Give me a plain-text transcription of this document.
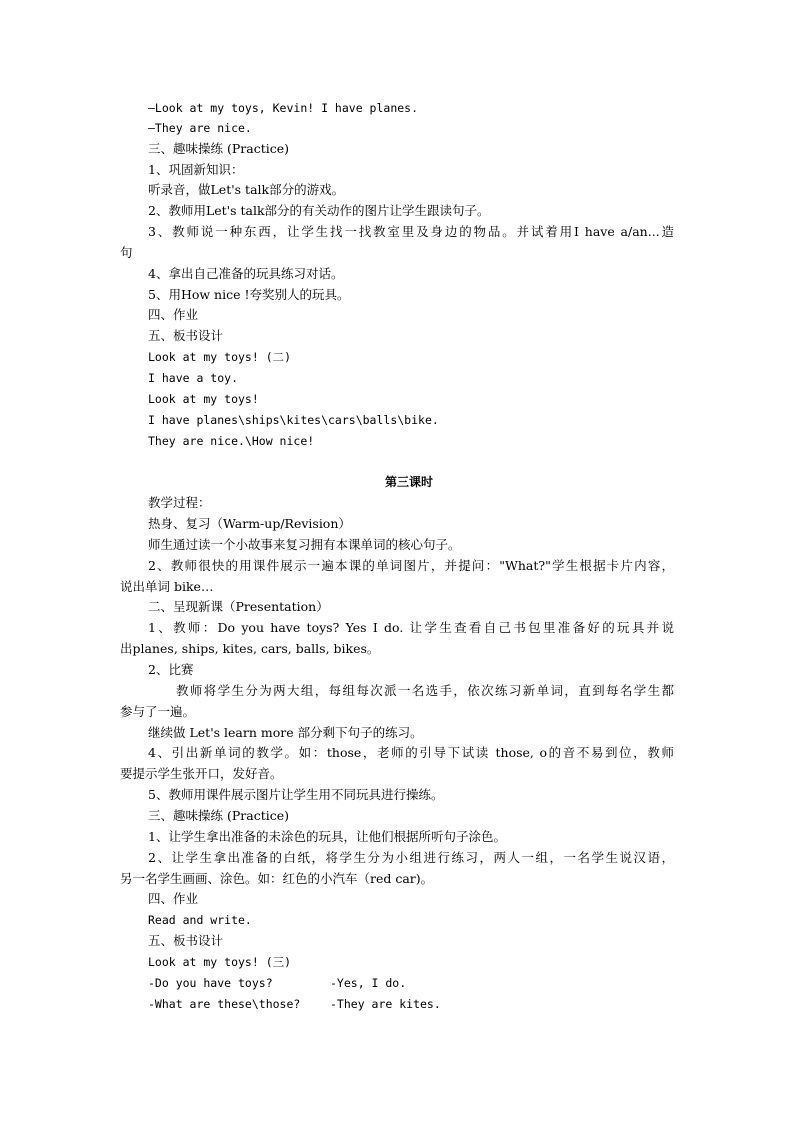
—Look at my toys, Kevin! I have planes.
—They are nice.
三、趣味操练 (Practice)
1、巩固新知识：
听录音，做Let's talk部分的游戏。
2、教师用Let's talk部分的有关动作的图片让学生跟读句子。
3、教师说一种东西，让学生找一找教室里及身边的物品。并试着用I have a/an...造
句
4、拿出自己准备的玩具练习对话。
5、用How nice !夸奖别人的玩具。
四、作业
五、板书设计
Look at my toys! (二)
I have a toy.
Look at my toys!
I have planes\ships\kites\cars\balls\bike.
They are nice.\How nice!
第三课时
教学过程：
热身、复习（Warm-up/Revision）
师生通过读一个小故事来复习拥有本课单词的核心句子。
2、教师很快的用课件展示一遍本课的单词图片，并提问："What?"学生根据卡片内容，
说出单词 bike…
二、呈现新课（Presentation）
1、教师：Do you have toys? Yes I do. 让学生查看自己书包里准备好的玩具并说
出planes, ships, kites, cars, balls, bikes。
2、比赛
教师将学生分为两大组，每组每次派一名选手，依次练习新单词，直到每名学生都
参与了一遍。
继续做 Let's learn more 部分剩下句子的练习。
4、引出新单词的教学。如：those，老师的引导下试读 those, o的音不易到位，教师
要提示学生张开口，发好音。
5、教师用课件展示图片让学生用不同玩具进行操练。
三、趣味操练 (Practice)
1、让学生拿出准备的未涂色的玩具，让他们根据所听句子涂色。
2、让学生拿出准备的白纸，将学生分为小组进行练习，两人一组，一名学生说汉语，
另一名学生画画、涂色。如：红色的小汽车（red car)。
四、作业
Read and write.
五、板书设计
Look at my toys! (三)
-Do you have toys?	-Yes, I do.
-What are these\those?	-They are kites.
